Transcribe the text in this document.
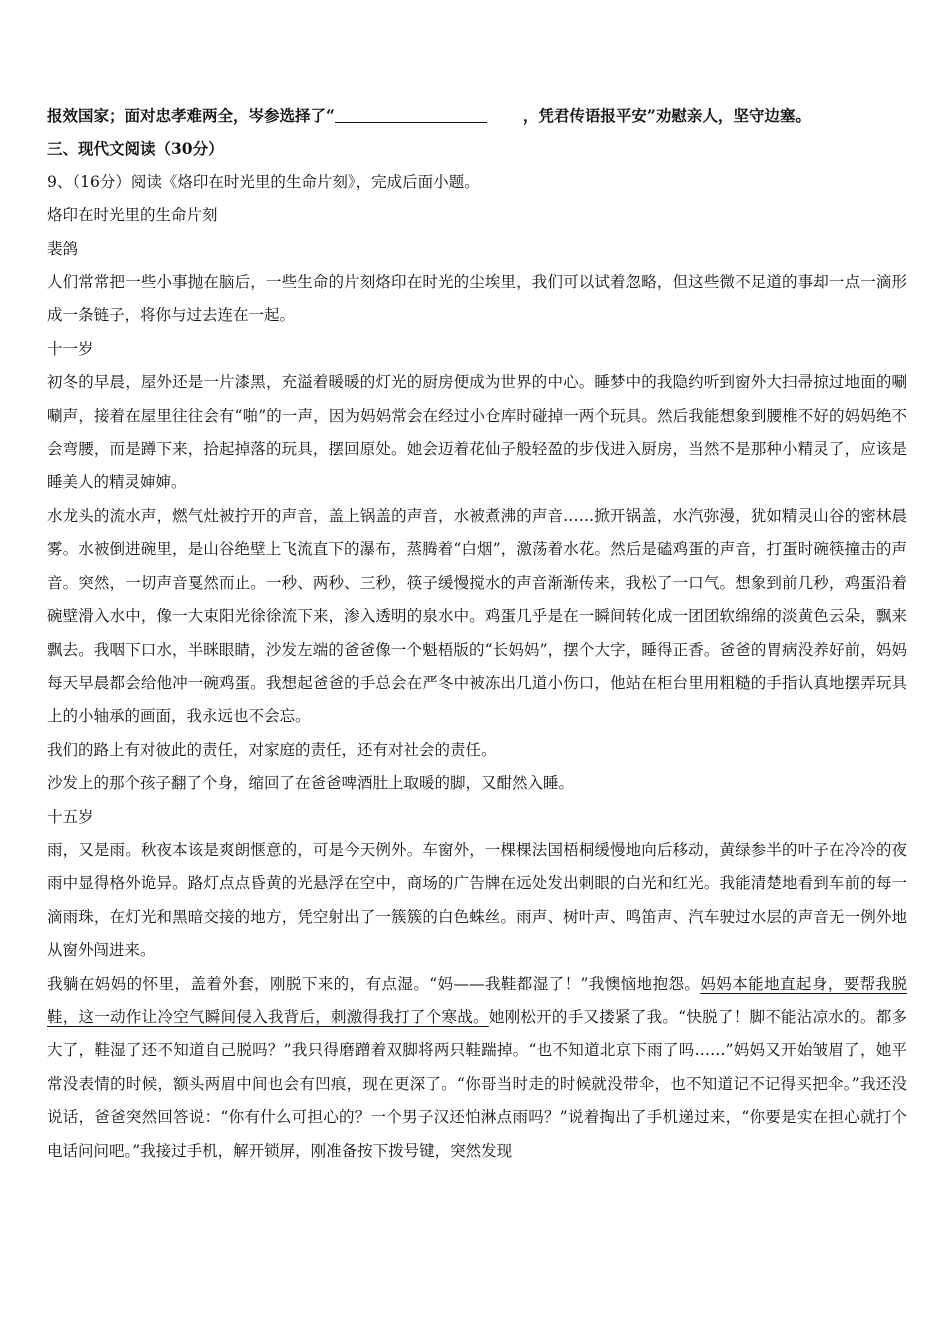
报效国家；面对忠孝难两全，岑参选择了“	，凭君传语报平安”劝慰亲人，坚守边塞。

三、现代文阅读（30分）

9、（16分）阅读《烙印在时光里的生命片刻》，完成后面小题。

烙印在时光里的生命片刻

裴鸽

人们常常把一些小事抛在脑后，一些生命的片刻烙印在时光的尘埃里，我们可以试着忽略，但这些微不足道的事却一点一滴形成一条链子，将你与过去连在一起。

十一岁

初冬的早晨，屋外还是一片漆黑，充溢着暖暖的灯光的厨房便成为世界的中心。睡梦中的我隐约听到窗外大扫帚掠过地面的唰唰声，接着在屋里往往会有“啪”的一声，因为妈妈常会在经过小仓库时碰掉一两个玩具。然后我能想象到腰椎不好的妈妈绝不会弯腰，而是蹲下来，拾起掉落的玩具，摆回原处。她会迈着花仙子般轻盈的步伐进入厨房，当然不是那种小精灵了，应该是睡美人的精灵婶婶。

水龙头的流水声，燃气灶被拧开的声音，盖上锅盖的声音，水被煮沸的声音……掀开锅盖，水汽弥漫，犹如精灵山谷的密林晨雾。水被倒进碗里，是山谷绝壁上飞流直下的瀑布，蒸腾着“白烟”，激荡着水花。然后是磕鸡蛋的声音，打蛋时碗筷撞击的声音。突然，一切声音戛然而止。一秒、两秒、三秒，筷子缓慢搅水的声音渐渐传来，我松了一口气。想象到前几秒，鸡蛋沿着碗壁滑入水中，像一大束阳光徐徐流下来，渗入透明的泉水中。鸡蛋几乎是在一瞬间转化成一团团软绵绵的淡黄色云朵，飘来飘去。我咽下口水，半眯眼睛，沙发左端的爸爸像一个魁梧版的“长妈妈”，摆个大字，睡得正香。爸爸的胃病没养好前，妈妈每天早晨都会给他冲一碗鸡蛋。我想起爸爸的手总会在严冬中被冻出几道小伤口，他站在柜台里用粗糙的手指认真地摆弄玩具上的小轴承的画面，我永远也不会忘。

我们的路上有对彼此的责任，对家庭的责任，还有对社会的责任。

沙发上的那个孩子翻了个身，缩回了在爸爸啤酒肚上取暖的脚，又酣然入睡。

十五岁

雨，又是雨。秋夜本该是爽朗惬意的，可是今天例外。车窗外，一棵棵法国梧桐缓慢地向后移动，黄绿参半的叶子在冷冷的夜雨中显得格外诡异。路灯点点昏黄的光悬浮在空中，商场的广告牌在远处发出刺眼的白光和红光。我能清楚地看到车前的每一滴雨珠，在灯光和黑暗交接的地方，凭空射出了一簇簇的白色蛛丝。雨声、树叶声、鸣笛声、汽车驶过水层的声音无一例外地从窗外闯进来。

我躺在妈妈的怀里，盖着外套，刚脱下来的，有点湿。“妈——我鞋都湿了！”我懊恼地抱怨。妈妈本能地直起身，要帮我脱鞋，这一动作让冷空气瞬间侵入我背后，刺激得我打了个寒战。她刚松开的手又搂紧了我。“快脱了！脚不能沾凉水的。都多大了，鞋湿了还不知道自己脱吗？”我只得磨蹭着双脚将两只鞋踹掉。“也不知道北京下雨了吗……”妈妈又开始皱眉了，她平常没表情的时候，额头两眉中间也会有凹痕，现在更深了。“你哥当时走的时候就没带伞，也不知道记不记得买把伞。”我还没说话，爸爸突然回答说：“你有什么可担心的？一个男子汉还怕淋点雨吗？”说着掏出了手机递过来，“你要是实在担心就打个电话问问吧。”我接过手机，解开锁屏，刚准备按下拨号键，突然发现
